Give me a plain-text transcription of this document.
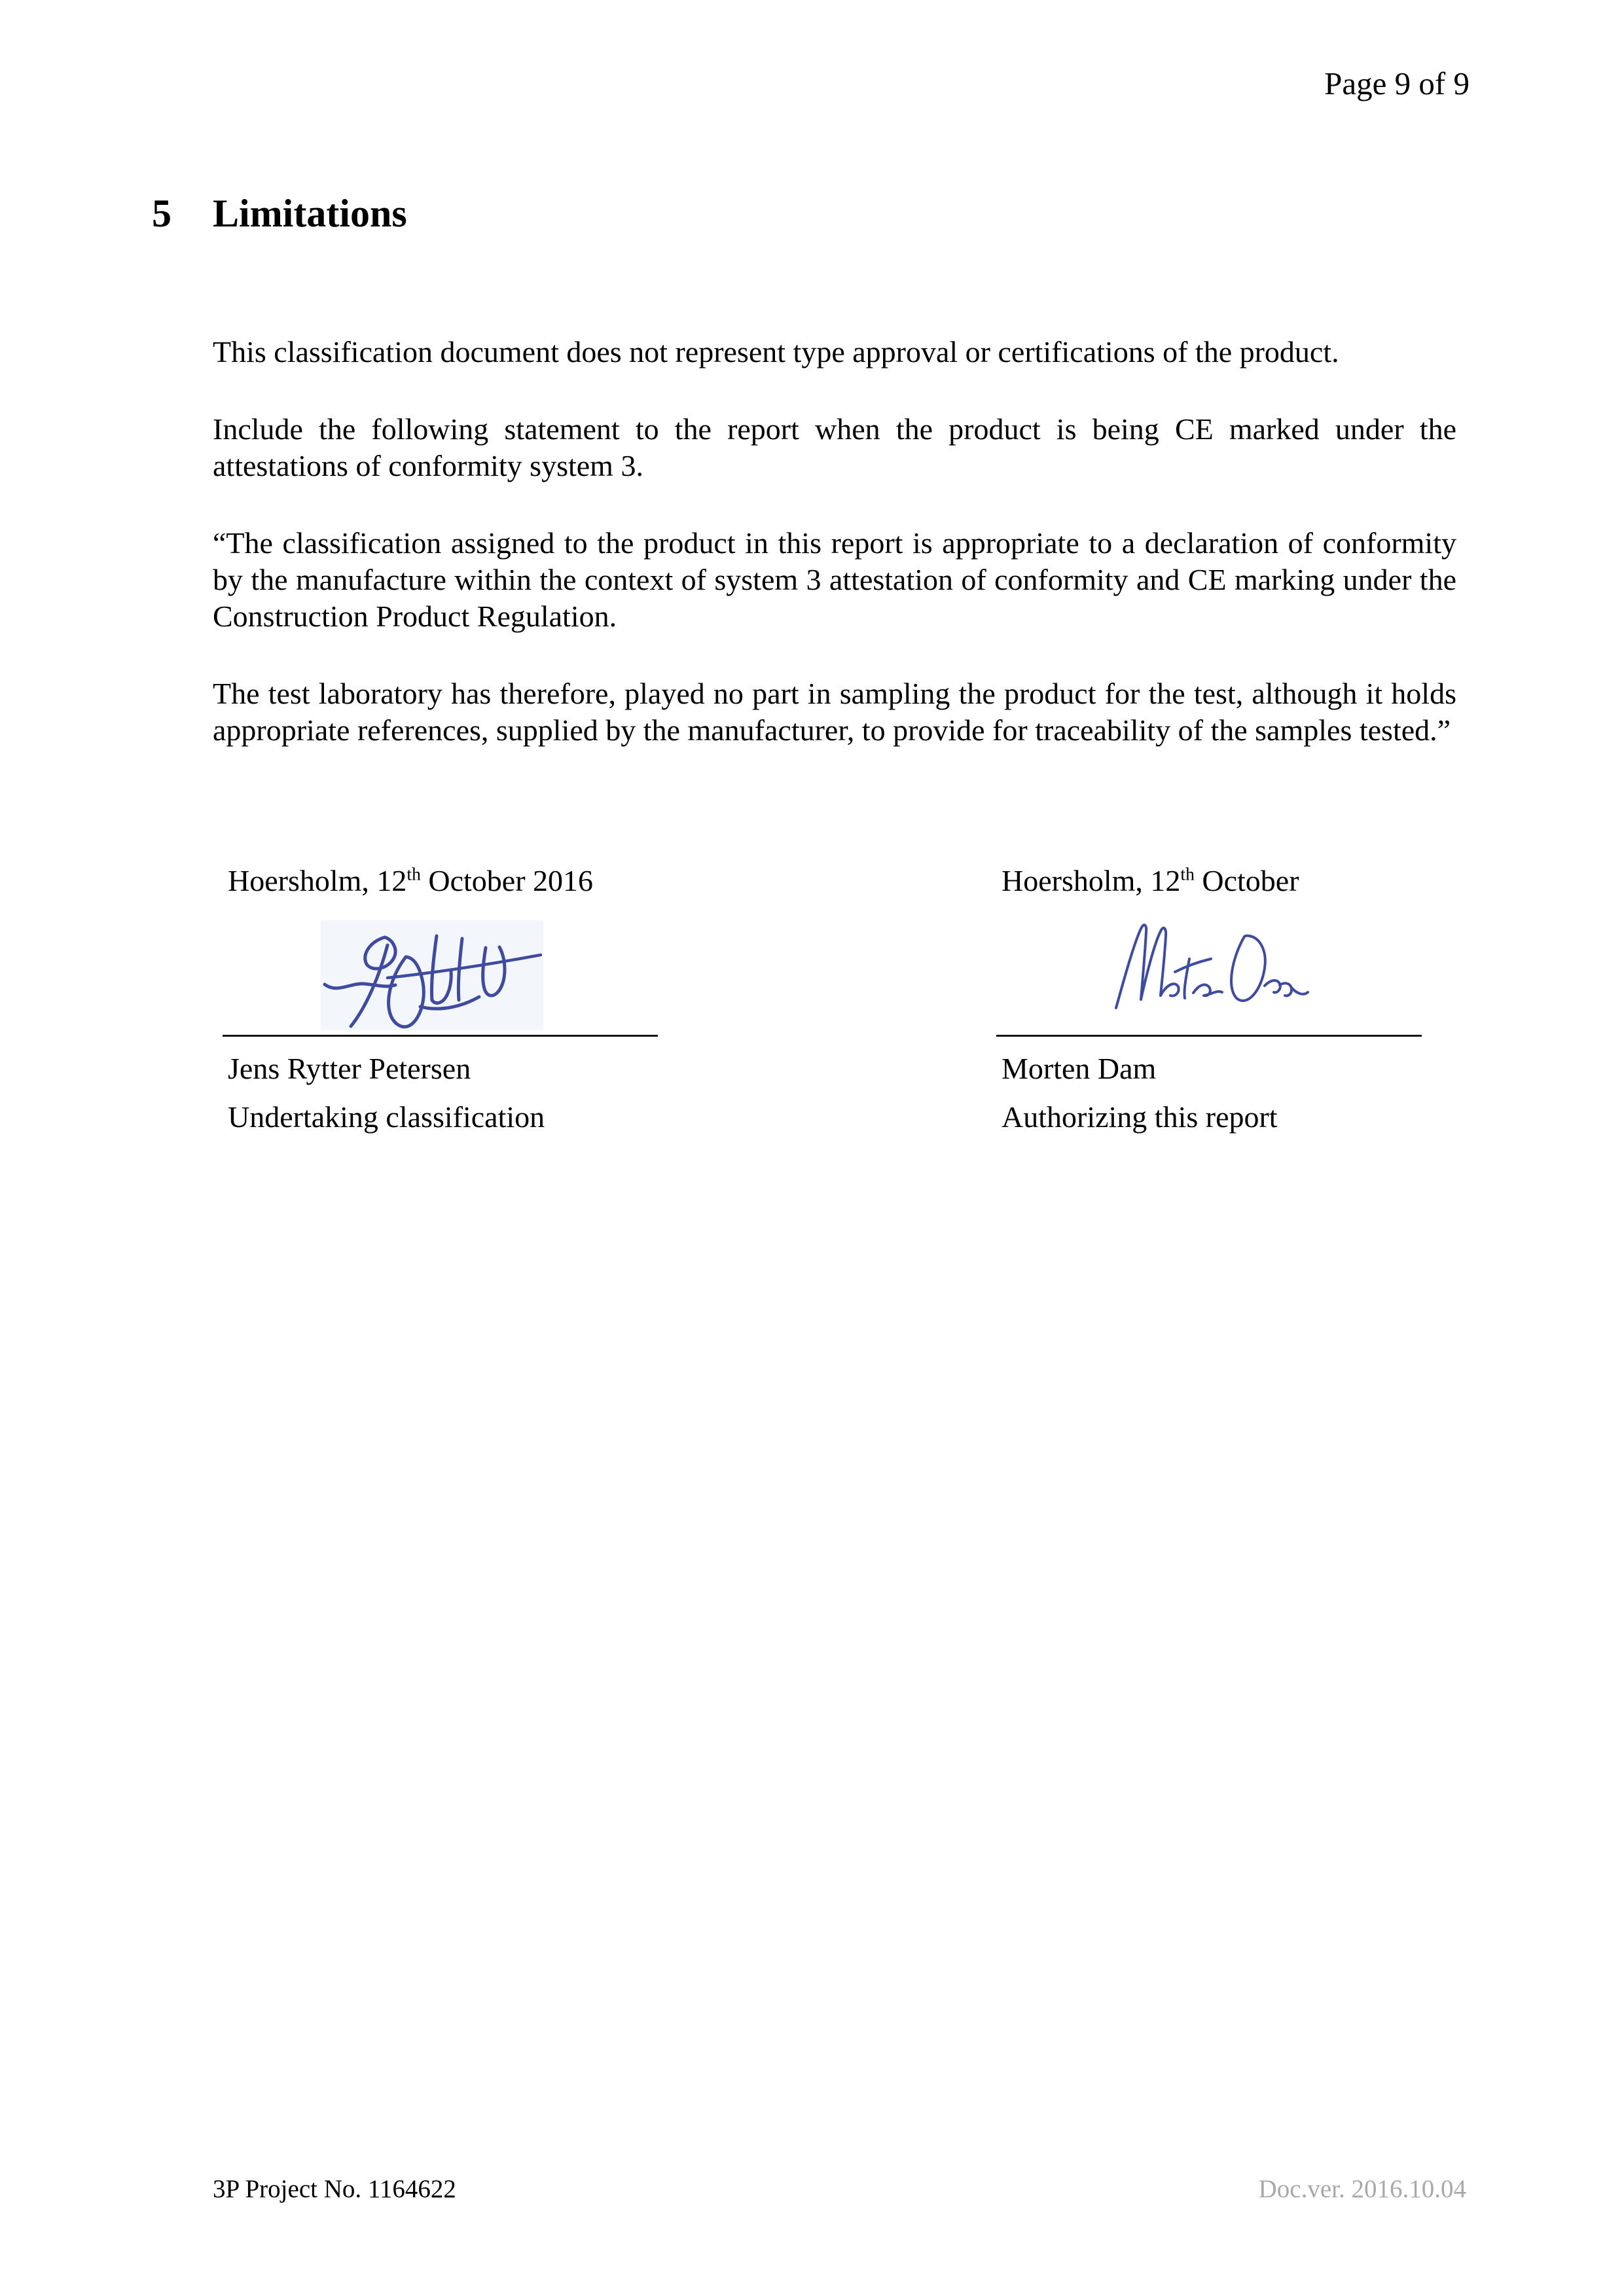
Page 9 of 9
5	Limitations

This classification document does not represent type approval or certifications of the product.

Include the following statement to the report when the product is being CE marked under the attestations of conformity system 3.

“The classification assigned to the product in this report is appropriate to a declaration of conformity by the manufacture within the context of system 3 attestation of conformity and CE marking under the Construction Product Regulation.

The test laboratory has therefore, played no part in sampling the product for the test, although it holds appropriate references, supplied by the manufacturer, to provide for traceability of the samples tested.”

Hoersholm, 12th October 2016
Jens Rytter Petersen
Undertaking classification
Hoersholm, 12th October
Morten Dam
Authorizing this report
3P Project No. 1164622	Doc.ver. 2016.10.04
